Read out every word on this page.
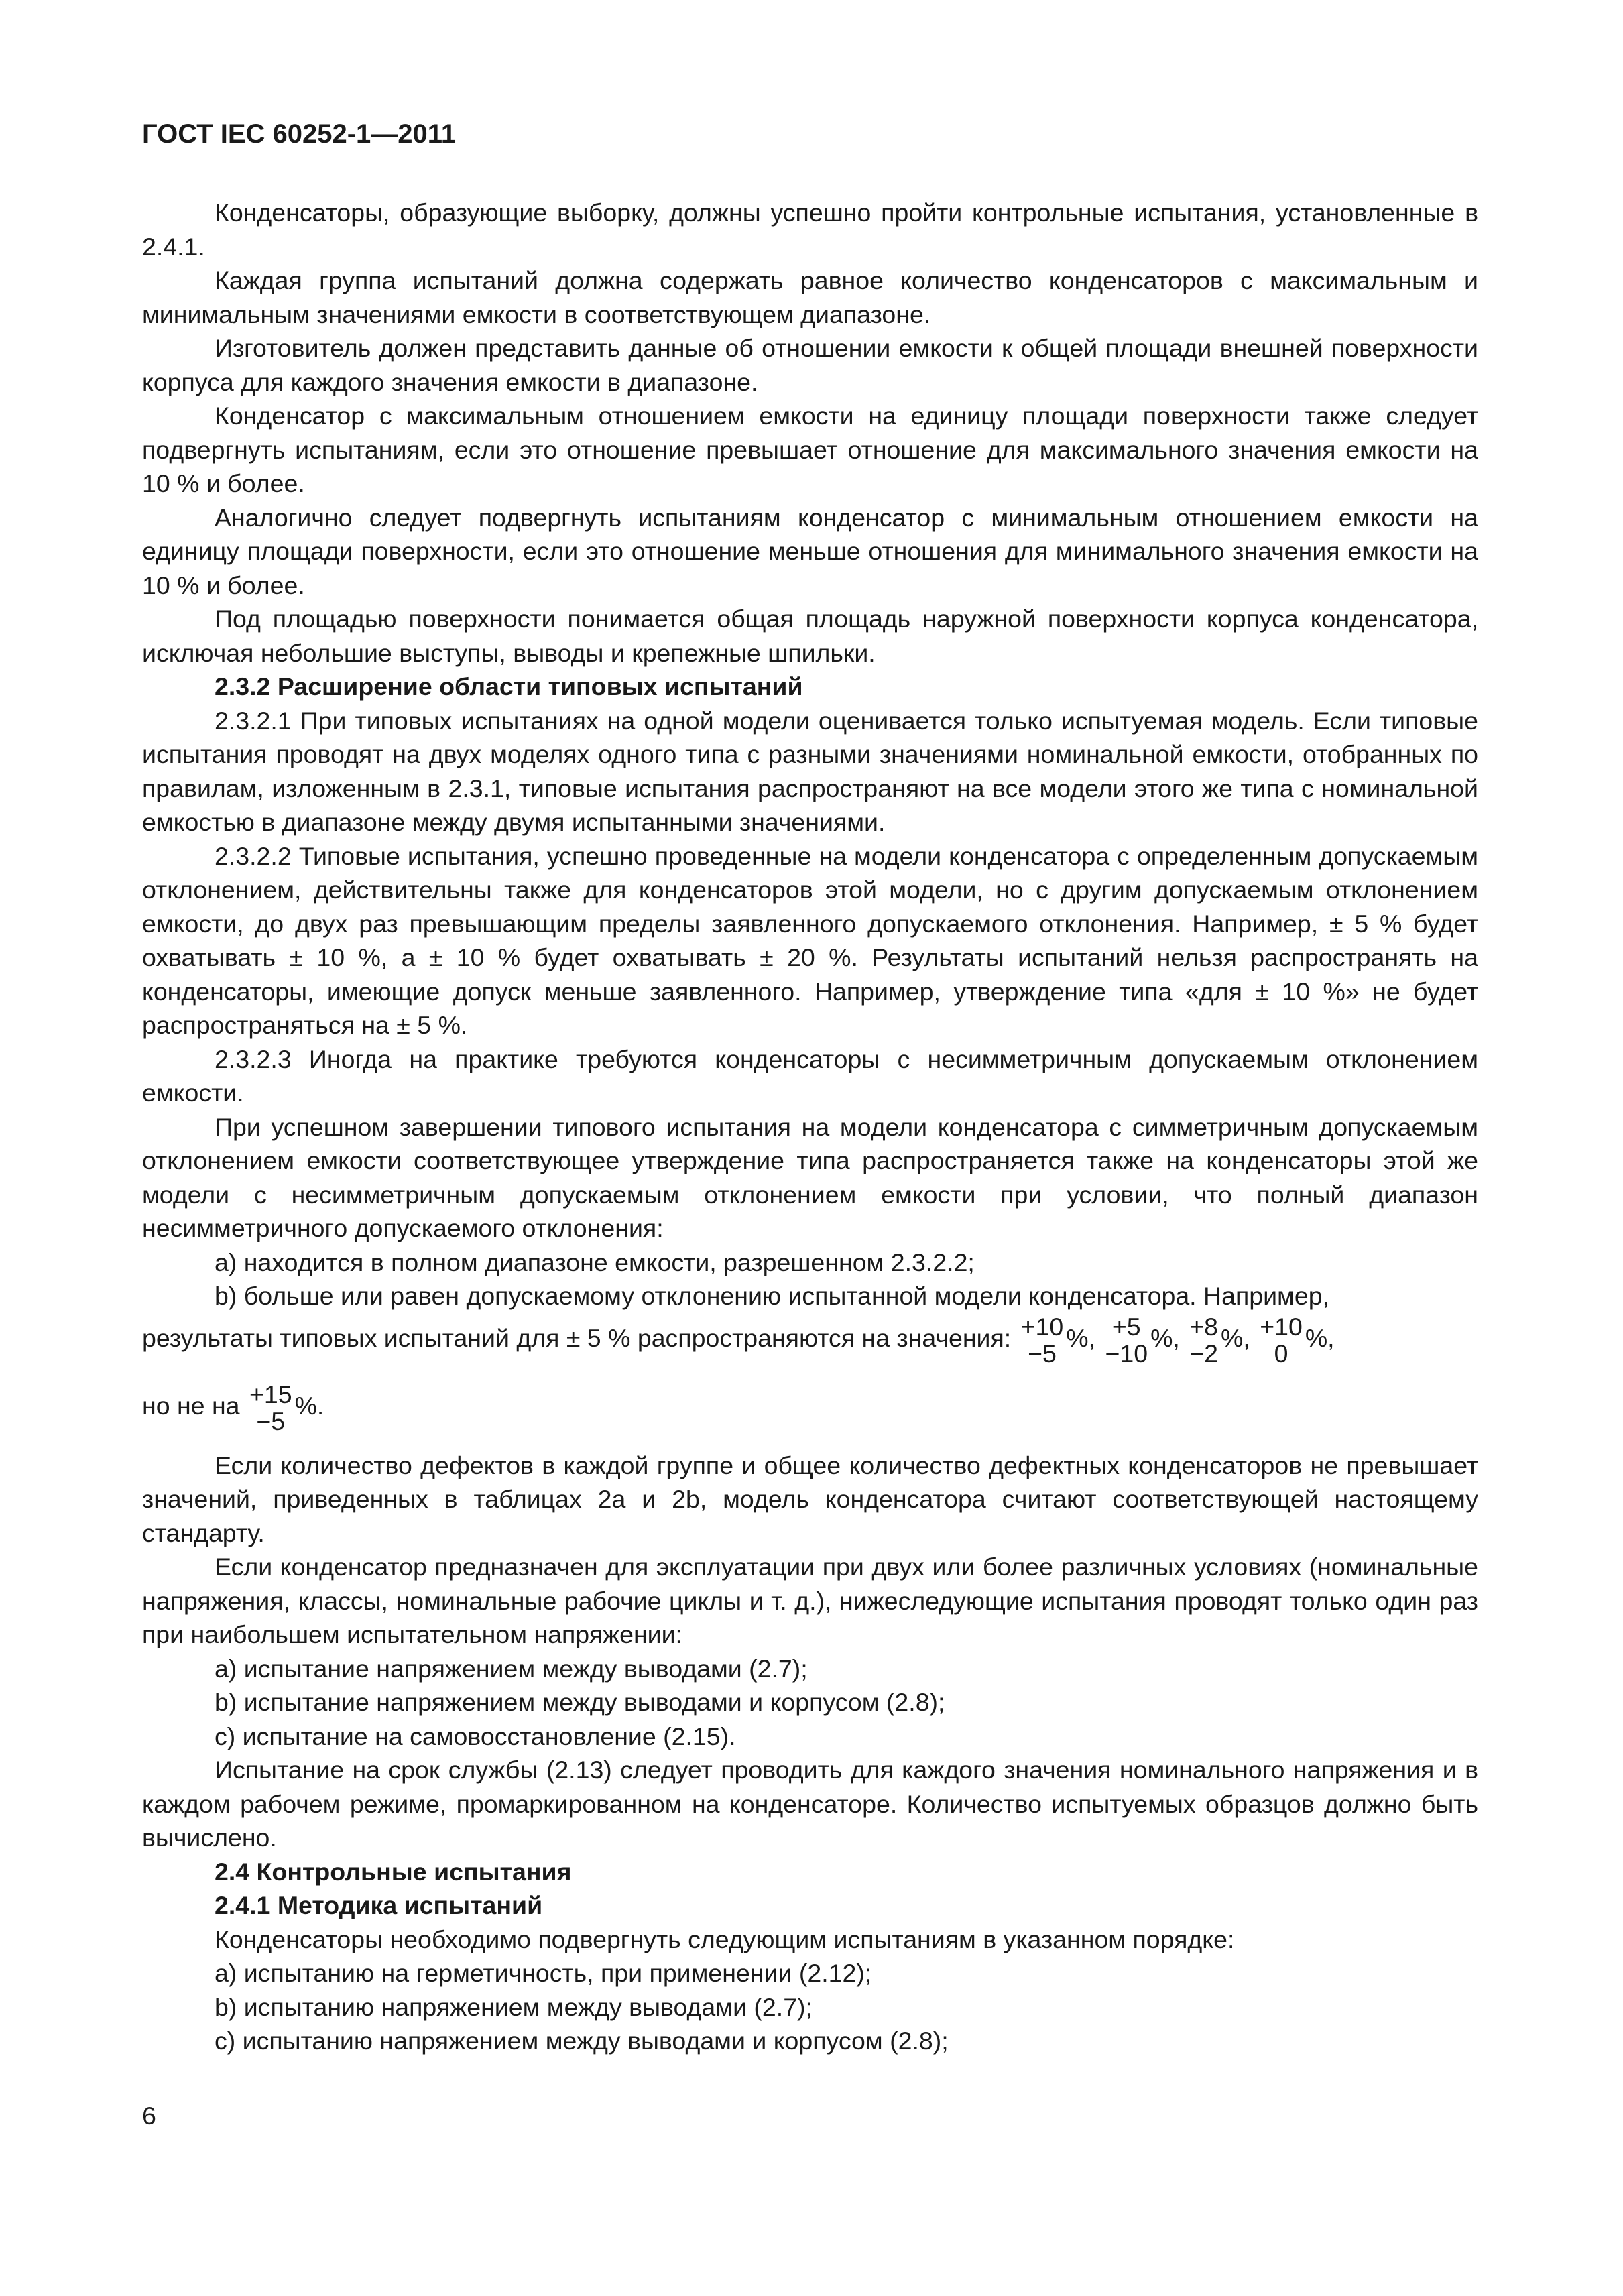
ГОСТ IEC 60252-1—2011

Конденсаторы, образующие выборку, должны успешно пройти контрольные испытания, установленные в 2.4.1.

Каждая группа испытаний должна содержать равное количество конденсаторов с максимальным и минимальным значениями емкости в соответствующем диапазоне.

Изготовитель должен представить данные об отношении емкости к общей площади внешней поверхности корпуса для каждого значения емкости в диапазоне.

Конденсатор с максимальным отношением емкости на единицу площади поверхности также следует подвергнуть испытаниям, если это отношение превышает отношение для максимального значения емкости на 10 % и более.

Аналогично следует подвергнуть испытаниям конденсатор с минимальным отношением емкости на единицу площади поверхности, если это отношение меньше отношения для минимального значения емкости на 10 % и более.

Под площадью поверхности понимается общая площадь наружной поверхности корпуса конденсатора, исключая небольшие выступы, выводы и крепежные шпильки.

2.3.2 Расширение области типовых испытаний

2.3.2.1 При типовых испытаниях на одной модели оценивается только испытуемая модель. Если типовые испытания проводят на двух моделях одного типа с разными значениями номинальной емкости, отобранных по правилам, изложенным в 2.3.1, типовые испытания распространяют на все модели этого же типа с номинальной емкостью в диапазоне между двумя испытанными значениями.

2.3.2.2 Типовые испытания, успешно проведенные на модели конденсатора с определенным допускаемым отклонением, действительны также для конденсаторов этой модели, но с другим допускаемым отклонением емкости, до двух раз превышающим пределы заявленного допускаемого отклонения. Например, ± 5 % будет охватывать ± 10 %, а ± 10 % будет охватывать ± 20 %. Результаты испытаний нельзя распространять на конденсаторы, имеющие допуск меньше заявленного. Например, утверждение типа «для ± 10 %» не будет распространяться на ± 5 %.

2.3.2.3 Иногда на практике требуются конденсаторы с несимметричным допускаемым отклонением емкости.

При успешном завершении типового испытания на модели конденсатора с симметричным допускаемым отклонением емкости соответствующее утверждение типа распространяется также на конденсаторы этой же модели с несимметричным допускаемым отклонением емкости при условии, что полный диапазон несимметричного допускаемого отклонения:

а) находится в полном диапазоне емкости, разрешенном 2.3.2.2;

b) больше или равен допускаемому отклонению испытанной модели конденсатора. Например,

результаты типовых испытаний для ± 5 % распространяются на значения: +10
−5
%, +5
−10
%, +8
−2
%, +10
0
%,
но не на +15
−5
%.

Если количество дефектов в каждой группе и общее количество дефектных конденсаторов не превышает значений, приведенных в таблицах 2a и 2b, модель конденсатора считают соответствующей настоящему стандарту.

Если конденсатор предназначен для эксплуатации при двух или более различных условиях (номинальные напряжения, классы, номинальные рабочие циклы и т. д.), нижеследующие испытания проводят только один раз при наибольшем испытательном напряжении:

а) испытание напряжением между выводами (2.7);

b) испытание напряжением между выводами и корпусом (2.8);

с) испытание на самовосстановление (2.15).

Испытание на срок службы (2.13) следует проводить для каждого значения номинального напряжения и в каждом рабочем режиме, промаркированном на конденсаторе. Количество испытуемых образцов должно быть вычислено.

2.4 Контрольные испытания

2.4.1 Методика испытаний

Конденсаторы необходимо подвергнуть следующим испытаниям в указанном порядке:

а) испытанию на герметичность, при применении (2.12);

b) испытанию напряжением между выводами (2.7);

с) испытанию напряжением между выводами и корпусом (2.8);

6
